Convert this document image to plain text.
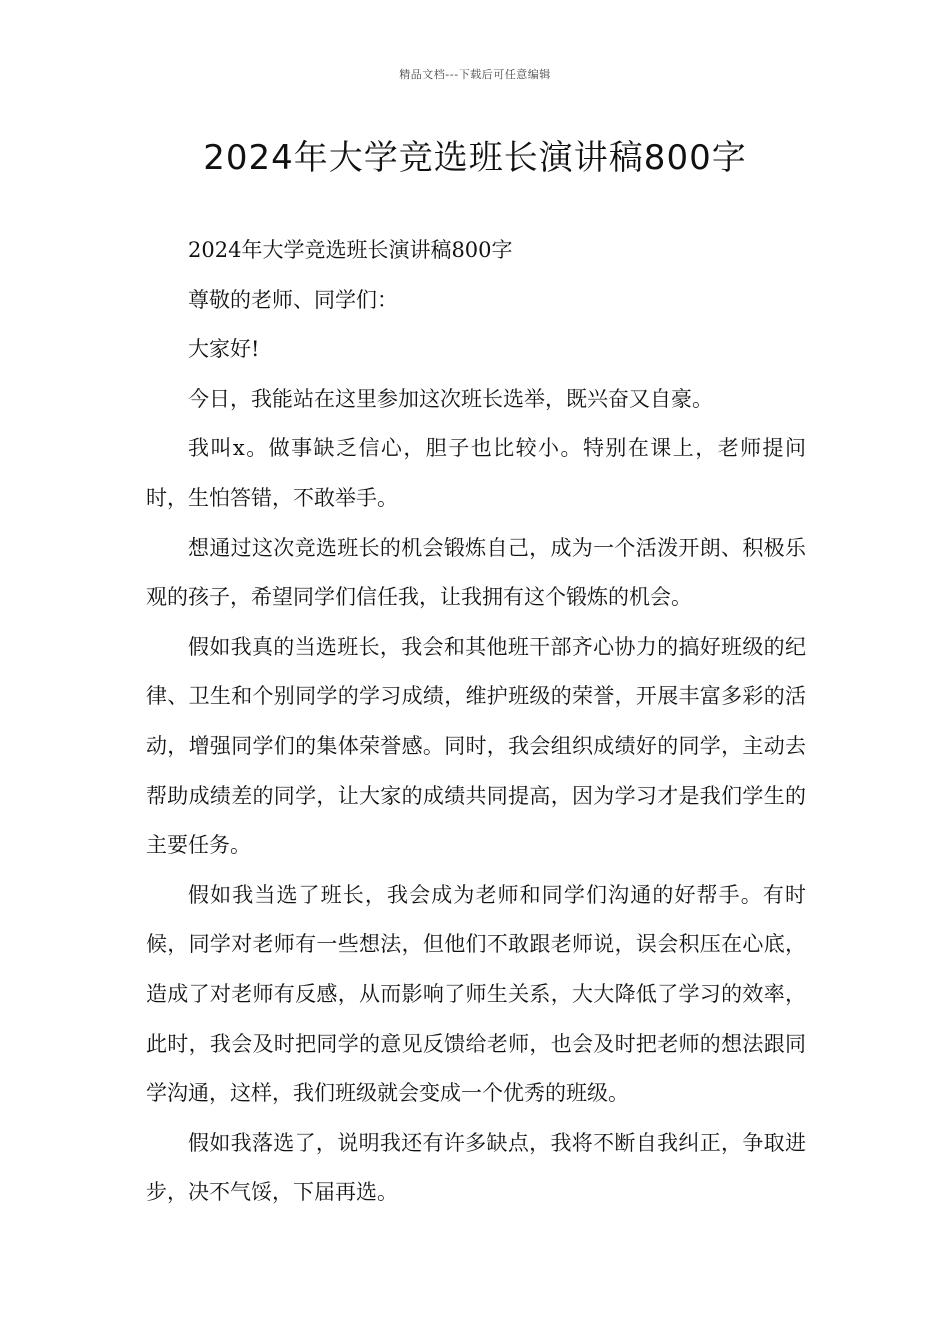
精品文档---下载后可任意编辑
2024年大学竞选班长演讲稿800字

2024年大学竞选班长演讲稿800字

尊敬的老师、同学们：

大家好!

今日，我能站在这里参加这次班长选举，既兴奋又自豪。

我叫x。做事缺乏信心，胆子也比较小。特别在课上，老师提问时，生怕答错，不敢举手。

想通过这次竞选班长的机会锻炼自己，成为一个活泼开朗、积极乐观的孩子，希望同学们信任我，让我拥有这个锻炼的机会。

假如我真的当选班长，我会和其他班干部齐心协力的搞好班级的纪律、卫生和个别同学的学习成绩，维护班级的荣誉，开展丰富多彩的活动，增强同学们的集体荣誉感。同时，我会组织成绩好的同学，主动去帮助成绩差的同学，让大家的成绩共同提高，因为学习才是我们学生的主要任务。

假如我当选了班长，我会成为老师和同学们沟通的好帮手。有时候，同学对老师有一些想法，但他们不敢跟老师说，误会积压在心底，造成了对老师有反感，从而影响了师生关系，大大降低了学习的效率，此时，我会及时把同学的意见反馈给老师，也会及时把老师的想法跟同学沟通，这样，我们班级就会变成一个优秀的班级。

假如我落选了，说明我还有许多缺点，我将不断自我纠正，争取进步，决不气馁，下届再选。
